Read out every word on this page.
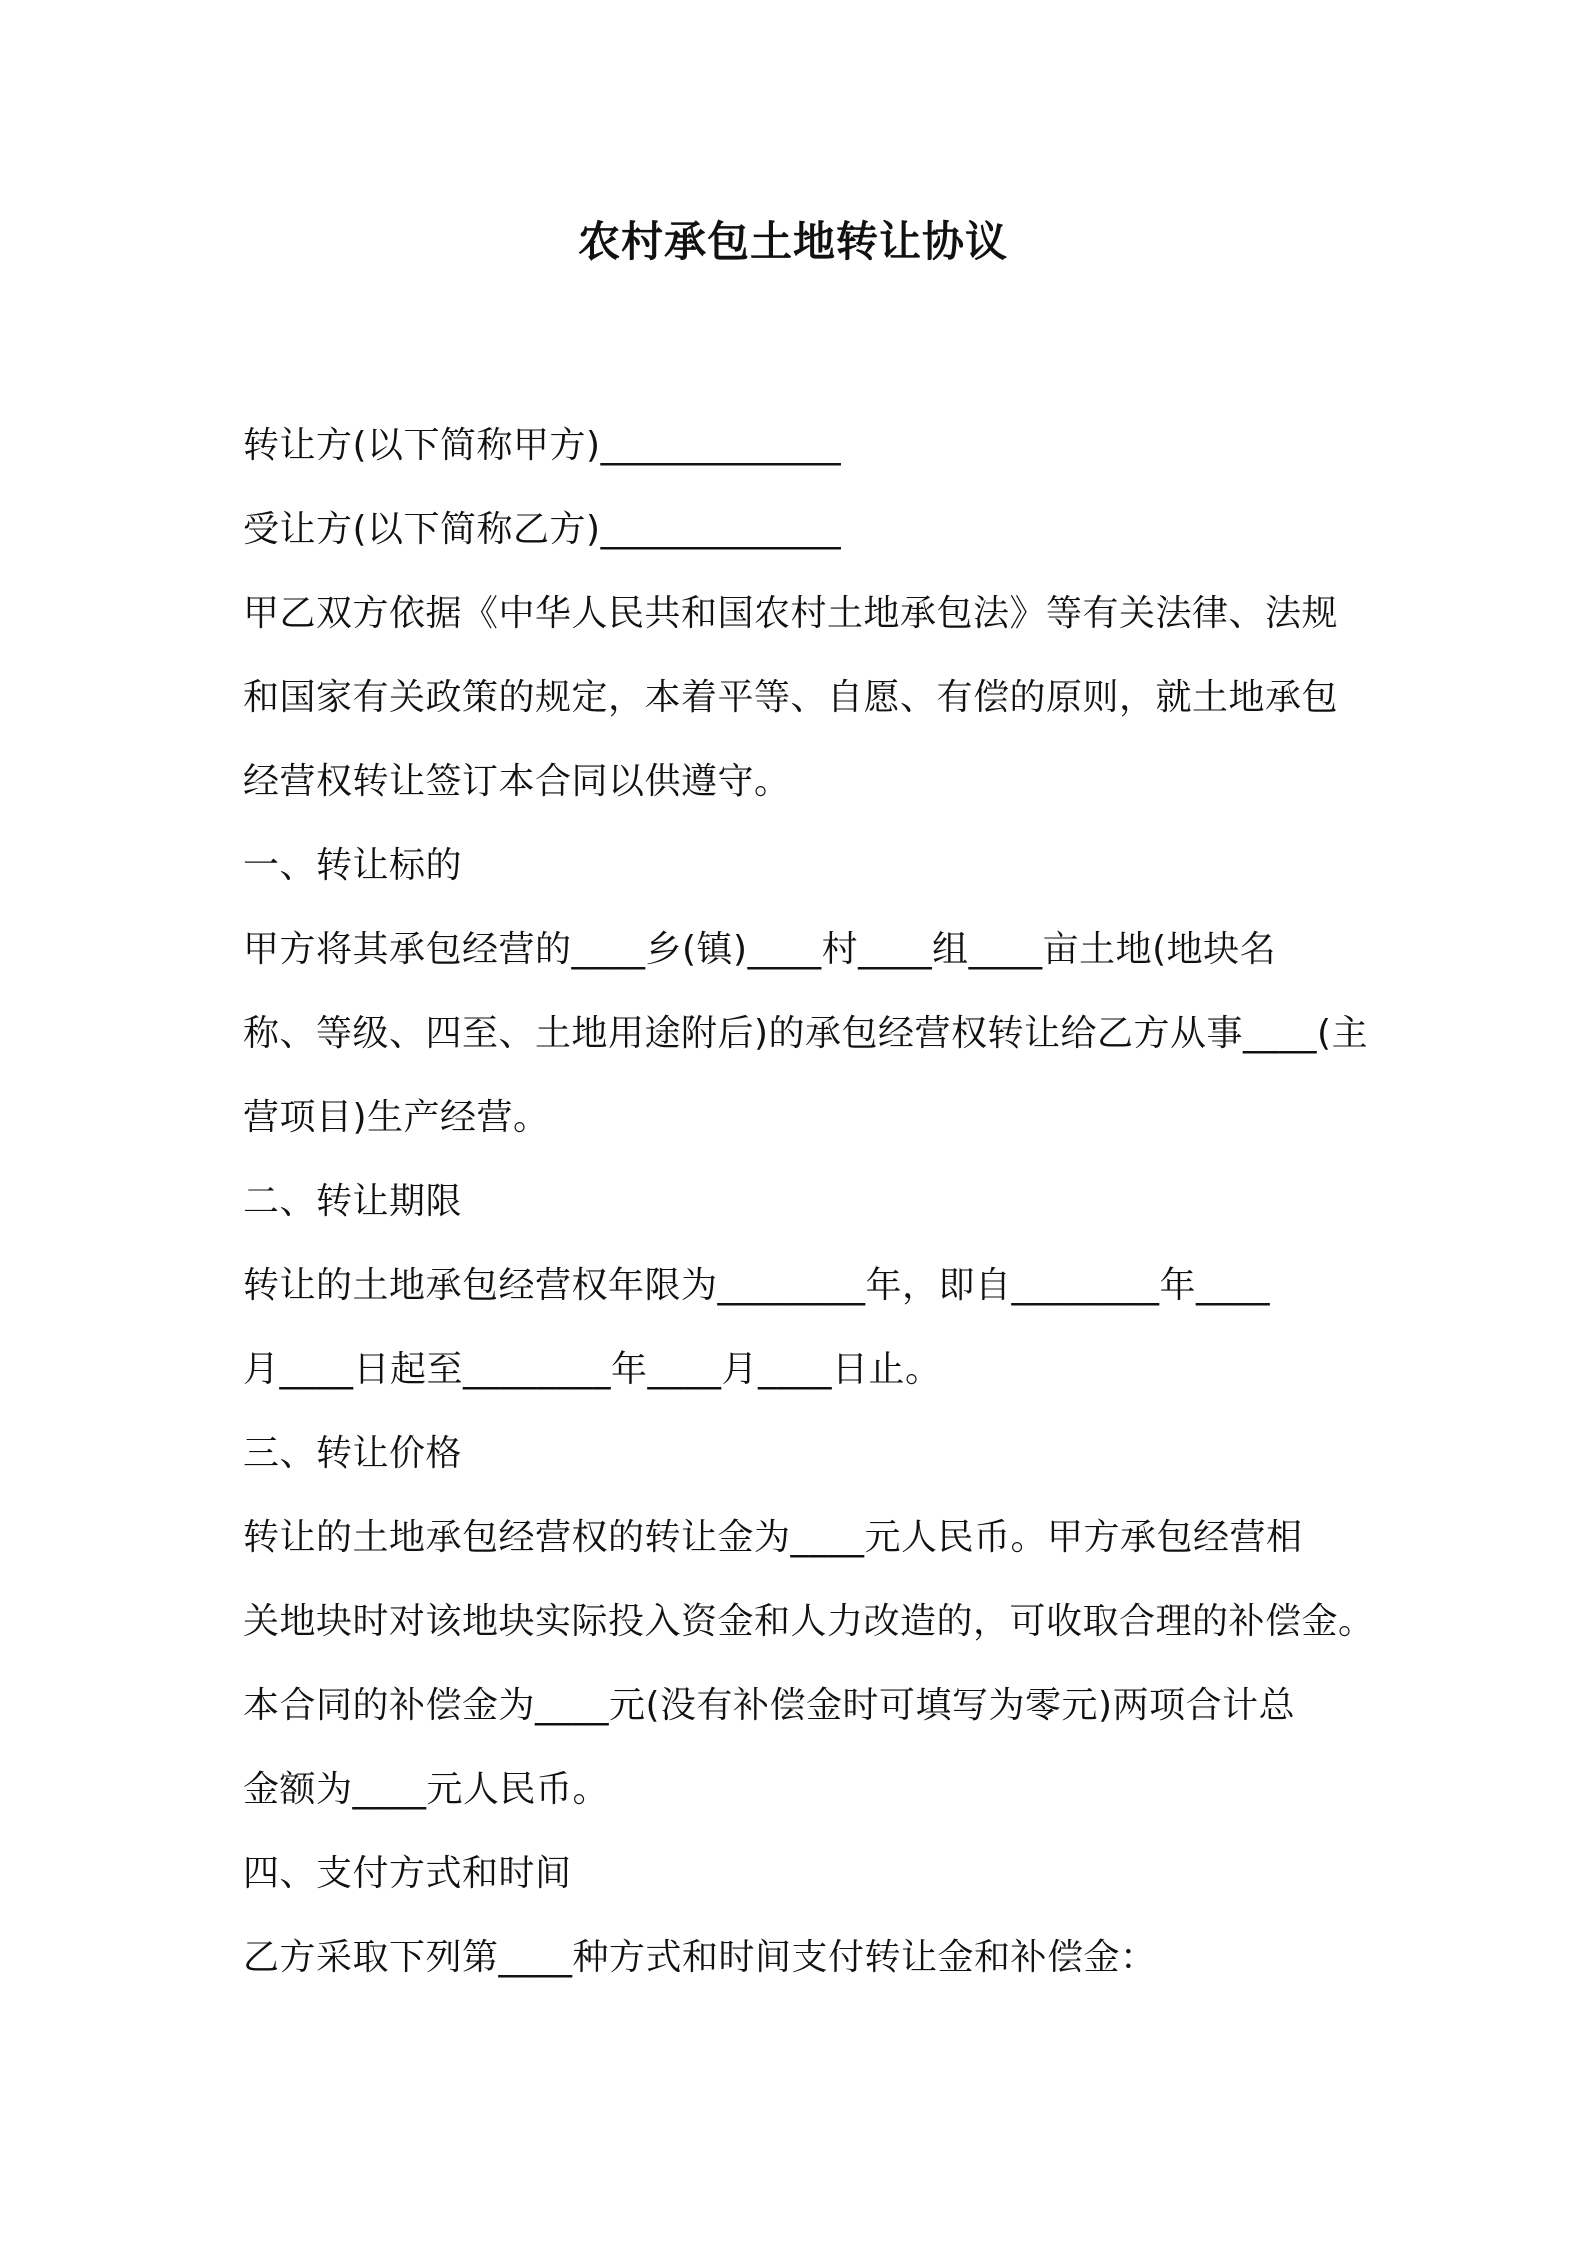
农村承包土地转让协议
转让方(以下简称甲方)_____________
受让方(以下简称乙方)_____________
甲乙双方依据《中华人民共和国农村土地承包法》等有关法律、法规
和国家有关政策的规定，本着平等、自愿、有偿的原则，就土地承包
经营权转让签订本合同以供遵守。
一、转让标的
甲方将其承包经营的____乡(镇)____村____组____亩土地(地块名
称、等级、四至、土地用途附后)的承包经营权转让给乙方从事____(主
营项目)生产经营。
二、转让期限
转让的土地承包经营权年限为________年，即自________年____
月____日起至________年____月____日止。
三、转让价格
转让的土地承包经营权的转让金为____元人民币。甲方承包经营相
关地块时对该地块实际投入资金和人力改造的，可收取合理的补偿金。
本合同的补偿金为____元(没有补偿金时可填写为零元)两项合计总
金额为____元人民币。
四、支付方式和时间
乙方采取下列第____种方式和时间支付转让金和补偿金：
